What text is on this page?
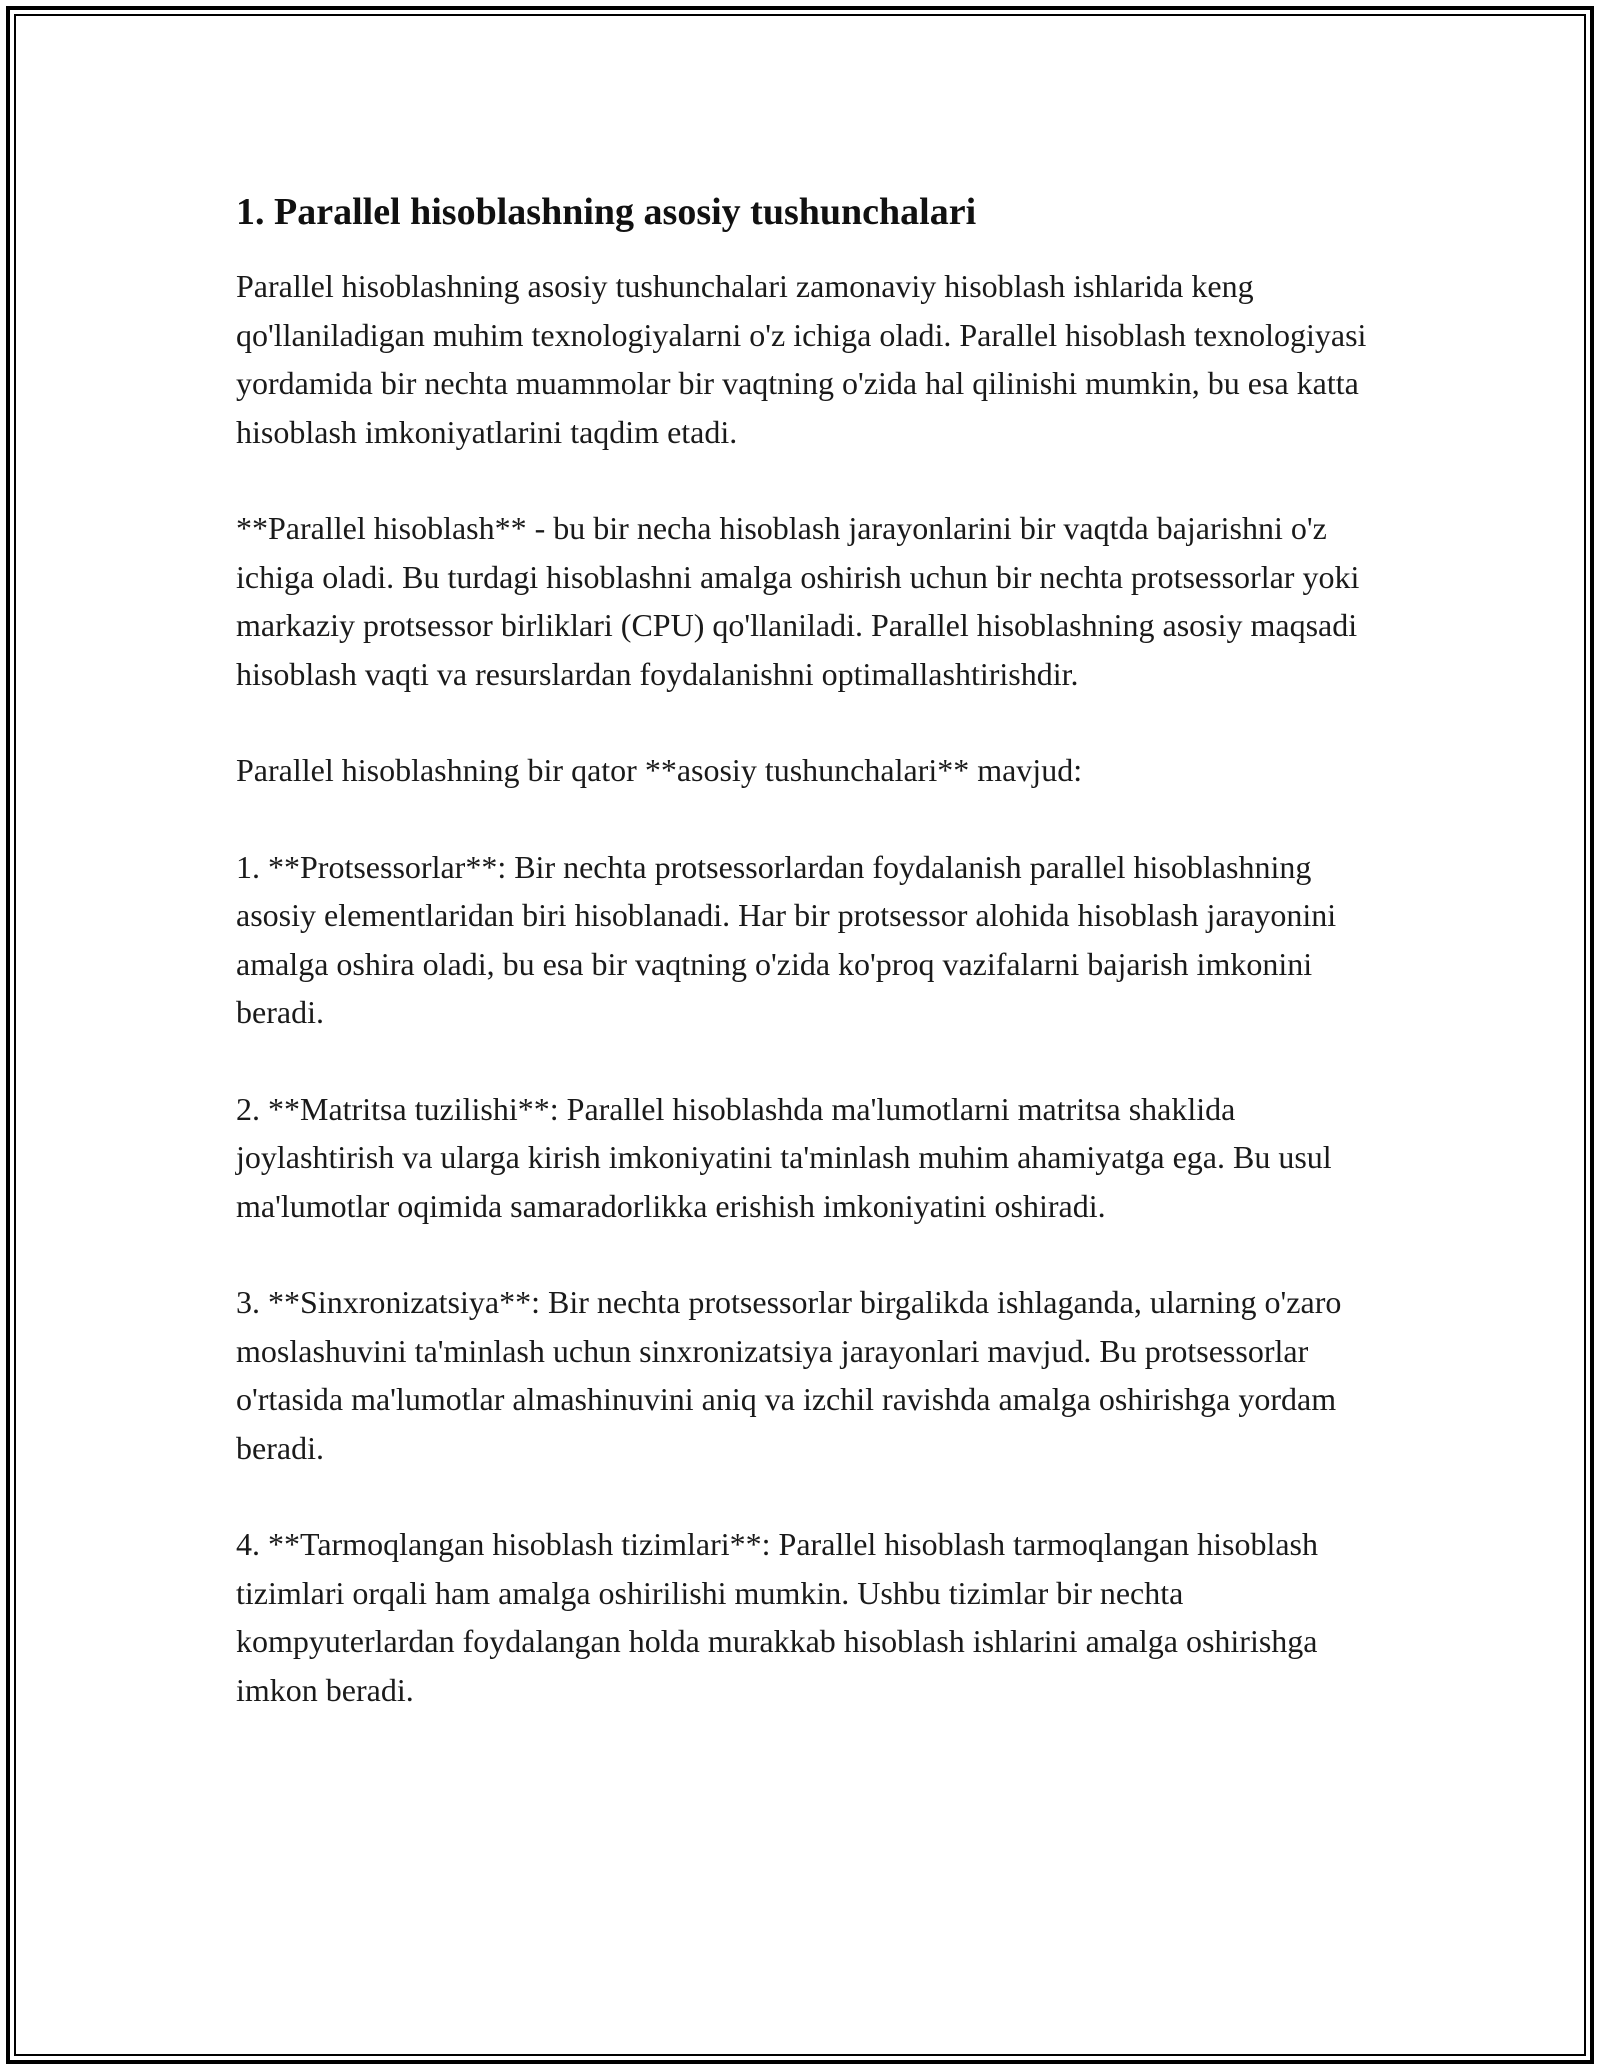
1. Parallel hisoblashning asosiy tushunchalari

Parallel hisoblashning asosiy tushunchalari zamonaviy hisoblash ishlarida keng qo'llaniladigan muhim texnologiyalarni o'z ichiga oladi. Parallel hisoblash texnologiyasi yordamida bir nechta muammolar bir vaqtning o'zida hal qilinishi mumkin, bu esa katta hisoblash imkoniyatlarini taqdim etadi.

**Parallel hisoblash** - bu bir necha hisoblash jarayonlarini bir vaqtda bajarishni o'z ichiga oladi. Bu turdagi hisoblashni amalga oshirish uchun bir nechta protsessorlar yoki markaziy protsessor birliklari (CPU) qo'llaniladi. Parallel hisoblashning asosiy maqsadi hisoblash vaqti va resurslardan foydalanishni optimallashtirishdir.

Parallel hisoblashning bir qator **asosiy tushunchalari** mavjud:

1. **Protsessorlar**: Bir nechta protsessorlardan foydalanish parallel hisoblashning asosiy elementlaridan biri hisoblanadi. Har bir protsessor alohida hisoblash jarayonini amalga oshira oladi, bu esa bir vaqtning o'zida ko'proq vazifalarni bajarish imkonini beradi.

2. **Matritsa tuzilishi**: Parallel hisoblashda ma'lumotlarni matritsa shaklida joylashtirish va ularga kirish imkoniyatini ta'minlash muhim ahamiyatga ega. Bu usul ma'lumotlar oqimida samaradorlikka erishish imkoniyatini oshiradi.

3. **Sinxronizatsiya**: Bir nechta protsessorlar birgalikda ishlaganda, ularning o'zaro moslashuvini ta'minlash uchun sinxronizatsiya jarayonlari mavjud. Bu protsessorlar o'rtasida ma'lumotlar almashinuvini aniq va izchil ravishda amalga oshirishga yordam beradi.

4. **Tarmoqlangan hisoblash tizimlari**: Parallel hisoblash tarmoqlangan hisoblash tizimlari orqali ham amalga oshirilishi mumkin. Ushbu tizimlar bir nechta kompyuterlardan foydalangan holda murakkab hisoblash ishlarini amalga oshirishga imkon beradi.
